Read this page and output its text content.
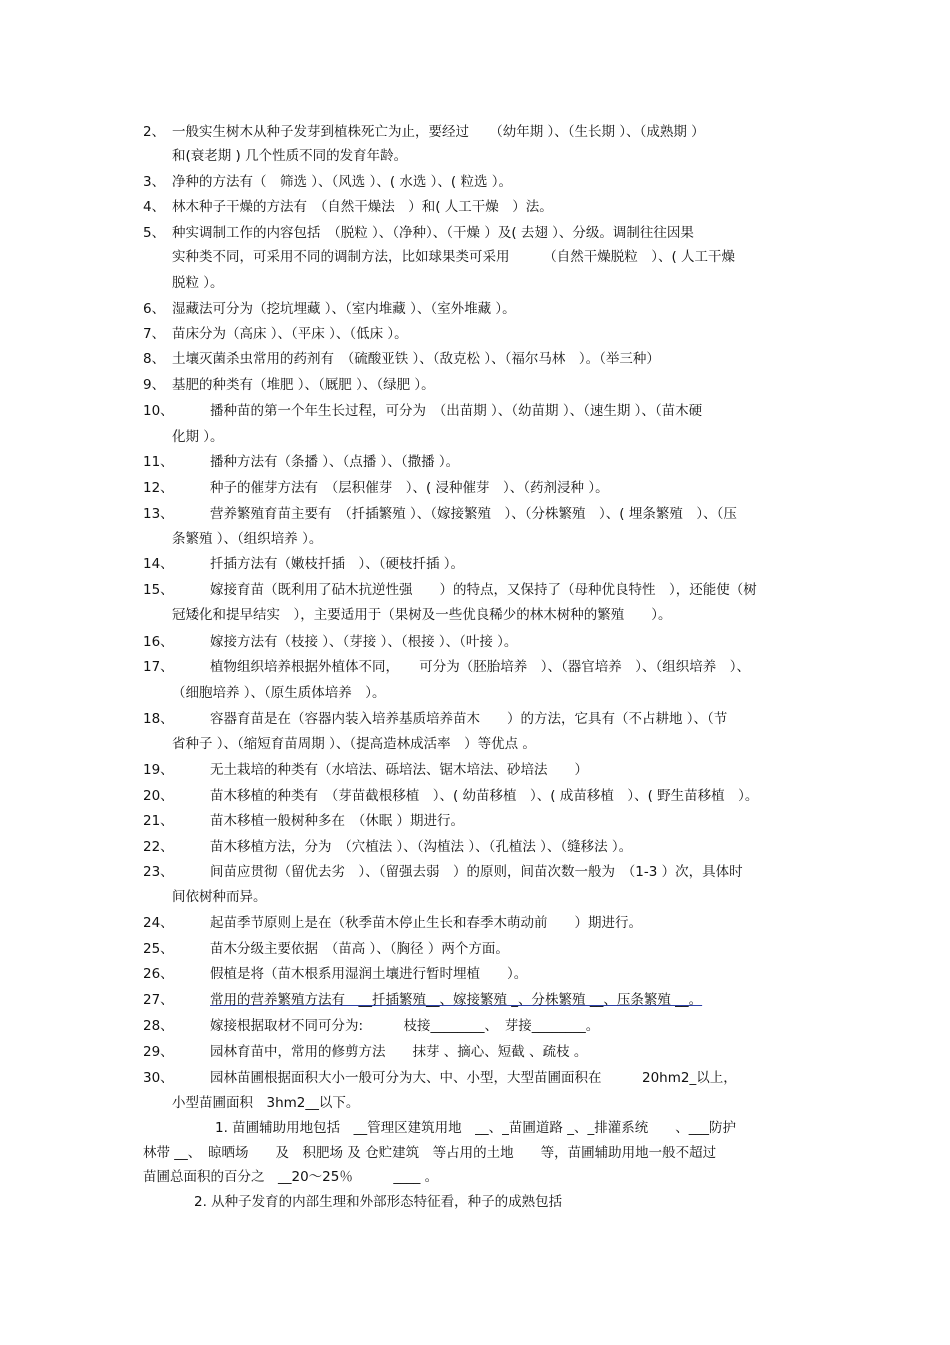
2、 一般实生树木从种子发芽到植株死亡为止，要经过　　（幼年期 ）、（生长期 ）、（成熟期 ）
和(衰老期 ) 几个性质不同的发育年龄。
3、 净种的方法有（　筛选 ）、（风选 ）、( 水选 ）、( 粒选 ）。
4、 林木种子干燥的方法有　（自然干燥法　）和( 人工干燥　）法。
5、 种实调制工作的内容包括　（脱粒 ）、（净种）、（干燥 ）及( 去翅 ）、分级。调制往往因果
实种类不同，可采用不同的调制方法，比如球果类可采用　　　（自然干燥脱粒　）、( 人工干燥
脱粒 ）。
6、 湿藏法可分为（挖坑埋藏 ）、（室内堆藏 ）、（室外堆藏 ）。
7、 苗床分为（高床 ）、（平床 ）、（低床 ）。
8、 土壤灭菌杀虫常用的药剂有　（硫酸亚铁 ）、（敌克松 ）、（福尔马林　）。（举三种）
9、 基肥的种类有（堆肥 ）、（厩肥 ）、（绿肥 ）。
10、	播种苗的第一个年生长过程，可分为　（出苗期 ）、（幼苗期 ）、（速生期 ）、（苗木硬
化期 ）。
11、	播种方法有（条播 ）、（点播 ）、（撒播 ）。
12、	种子的催芽方法有　（层积催芽　）、( 浸种催芽　）、（药剂浸种 ）。
13、	营养繁殖育苗主要有　（扦插繁殖 ）、（嫁接繁殖　）、（分株繁殖　）、( 埋条繁殖　）、（压
条繁殖 ）、（组织培养 ）。
14、	扦插方法有（嫩枝扦插　）、（硬枝扦插 ）。
15、	嫁接育苗（既利用了砧木抗逆性强　　）的特点，又保持了（母种优良特性　），还能使（树
冠矮化和提早结实　），主要适用于（果树及一些优良稀少的林木树种的繁殖　　）。
16、	嫁接方法有（枝接 ）、（芽接 ）、（根接 ）、（叶接 ）。
17、	植物组织培养根据外植体不同，　　可分为（胚胎培养　）、（器官培养　）、（组织培养　）、
（细胞培养 ）、（原生质体培养　）。
18、	容器育苗是在（容器内装入培养基质培养苗木　　）的方法，它具有（不占耕地 ）、（节
省种子 ）、（缩短育苗周期 ）、（提高造林成活率　）等优点 。
19、	无土栽培的种类有（水培法、砾培法、锯木培法、砂培法　　）
20、	苗木移植的种类有　（芽苗截根移植　）、( 幼苗移植　）、( 成苗移植　）、( 野生苗移植　）。
21、	苗木移植一般树种多在　（休眠 ）期进行。
22、	苗木移植方法，分为　（穴植法 ）、（沟植法 ）、（孔植法 ）、（缝移法 ）。
23、	间苗应贯彻（留优去劣　）、（留强去弱　）的原则，间苗次数一般为　（1-3 ）次，具体时
间依树种而异。
24、	起苗季节原则上是在（秋季苗木停止生长和春季木萌动前　　）期进行。
25、	苗木分级主要依据　（苗高 ）、（胸径 ）两个方面。
26、	假植是将（苗木根系用湿润土壤进行暂时埋植　　）。
27、	常用的营养繁殖方法有　__扦插繁殖__、嫁接繁殖 _、分株繁殖 __、压条繁殖 __。
28、	嫁接根据取材不同可分为:　　　枝接________、　芽接________。
29、	园林育苗中，常用的修剪方法　　抹芽 、摘心、短截 、疏枝 。
30、	园林苗圃根据面积大小一般可分为大、中、小型，大型苗圃面积在　　　20hm2_以上，
小型苗圃面积　3hm2__以下。
1. 苗圃辅助用地包括　__管理区建筑用地　__、_苗圃道路 _、_排灌系统　　、___防护
林带 __、　晾晒场　　及　积肥场 及 仓贮建筑　等占用的土地　　等，苗圃辅助用地一般不超过
苗圃总面积的百分之　__20～25％　　　____ 。
2. 从种子发育的内部生理和外部形态特征看，种子的成熟包括
